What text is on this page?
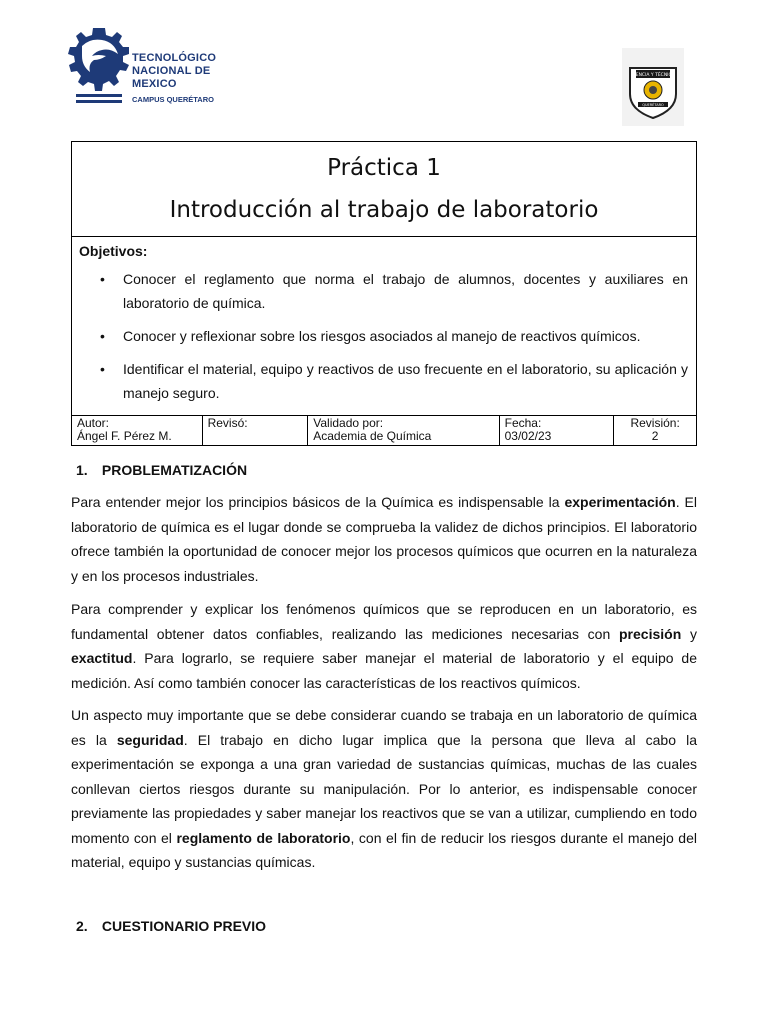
TECNOLÓGICO
NACIONAL DE MEXICO
CAMPUS QUERÉTARO
CIENCIA Y TÉCNICA
QUERÉTARO
Práctica 1
Introducción al trabajo de laboratorio
Objetivos:
• Conocer el reglamento que norma el trabajo de alumnos, docentes y auxiliares en laboratorio de química.
• Conocer y reflexionar sobre los riesgos asociados al manejo de reactivos químicos.
• Identificar el material, equipo y reactivos de uso frecuente en el laboratorio, su aplicación y manejo seguro.
Autor:
Ángel F. Pérez M.
Revisó:	Validado por:
Academia de Química
Fecha:
03/02/23
Revisión:
2
1. PROBLEMATIZACIÓN
Para entender mejor los principios básicos de la Química es indispensable la experimentación. El laboratorio de química es el lugar donde se comprueba la validez de dichos principios. El laboratorio ofrece también la oportunidad de conocer mejor los procesos químicos que ocurren en la naturaleza y en los procesos industriales.
Para comprender y explicar los fenómenos químicos que se reproducen en un laboratorio, es fundamental obtener datos confiables, realizando las mediciones necesarias con precisión y exactitud. Para lograrlo, se requiere saber manejar el material de laboratorio y el equipo de medición. Así como también conocer las características de los reactivos químicos.
Un aspecto muy importante que se debe considerar cuando se trabaja en un laboratorio de química es la seguridad. El trabajo en dicho lugar implica que la persona que lleva al cabo la experimentación se exponga a una gran variedad de sustancias químicas, muchas de las cuales conllevan ciertos riesgos durante su manipulación. Por lo anterior, es indispensable conocer previamente las propiedades y saber manejar los reactivos que se van a utilizar, cumpliendo en todo momento con el reglamento de laboratorio, con el fin de reducir los riesgos durante el manejo del material, equipo y sustancias químicas.
2. CUESTIONARIO PREVIO
